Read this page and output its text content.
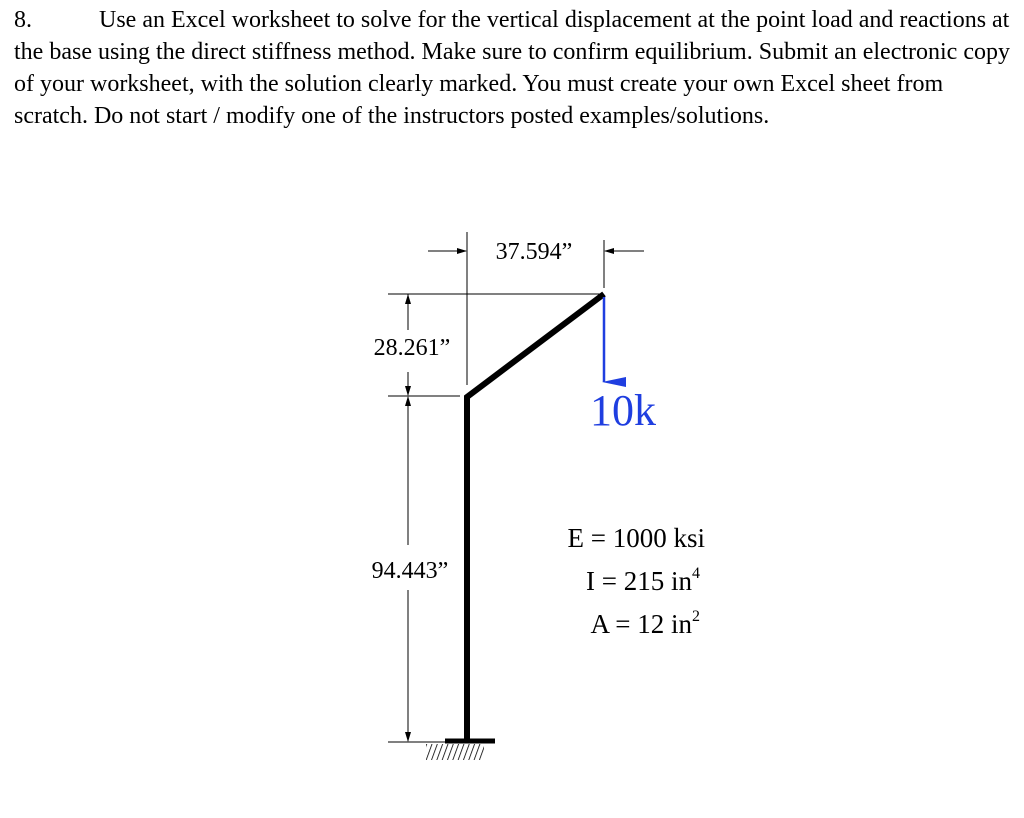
8.	Use an Excel worksheet to solve for the vertical displacement at the point load and reactions at the base using the direct stiffness method. Make sure to confirm equilibrium. Submit an electronic copy of your worksheet, with the solution clearly marked. You must create your own Excel sheet from scratch. Do not start / modify one of the instructors posted examples/solutions.

37.594”
28.261”
94.443”
10k
E = 1000 ksi
I = 215 $in^4$
A = 12 $in^2$
